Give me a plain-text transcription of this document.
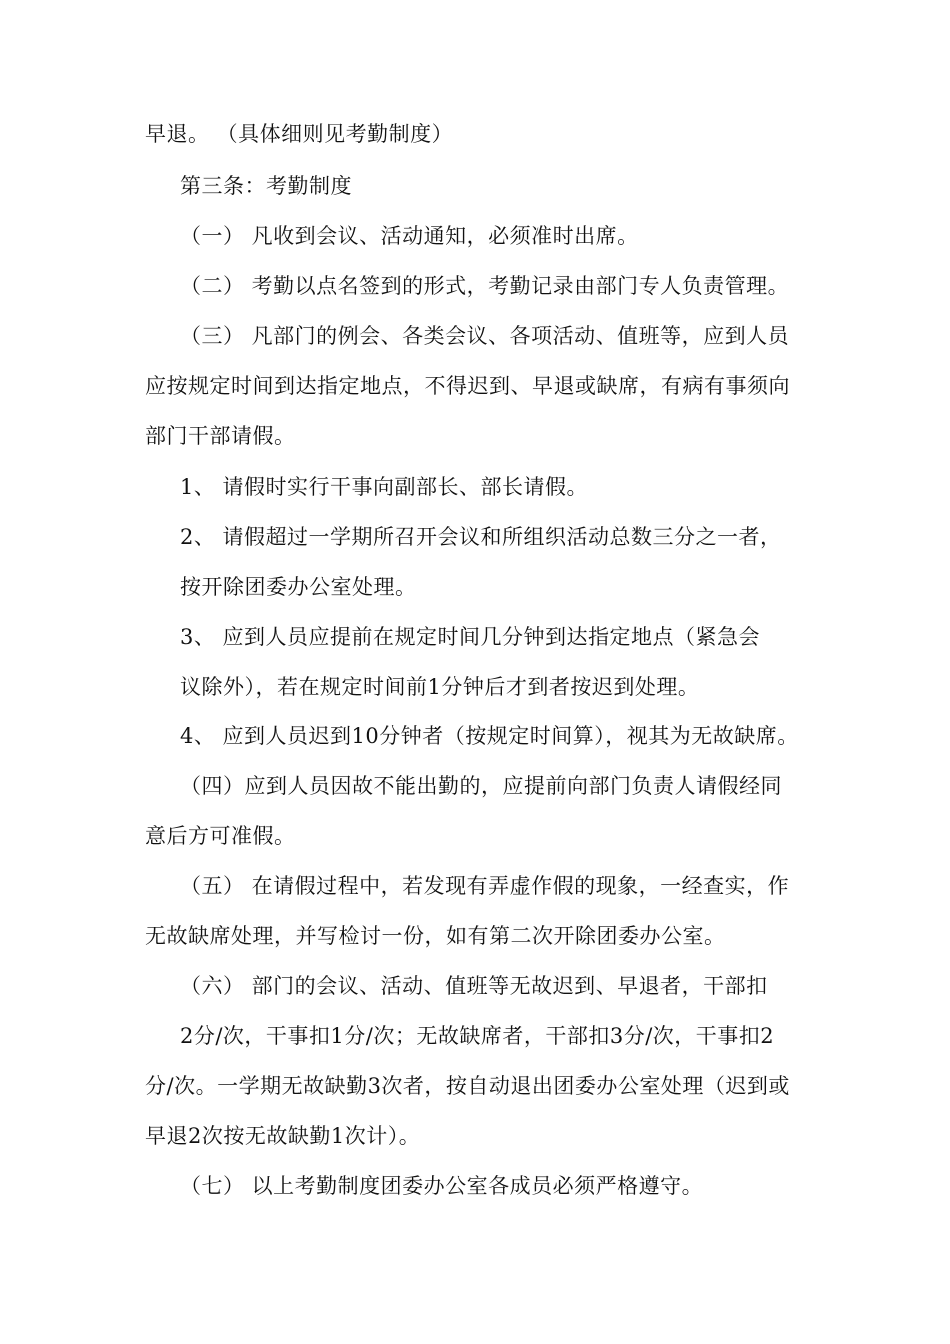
早退。 （具体细则见考勤制度）
第三条：考勤制度
（一） 凡收到会议、活动通知，必须准时出席。
（二） 考勤以点名签到的形式，考勤记录由部门专人负责管理。
（三） 凡部门的例会、各类会议、各项活动、值班等，应到人员
应按规定时间到达指定地点，不得迟到、早退或缺席，有病有事须向
部门干部请假。
1、 请假时实行干事向副部长、部长请假。
2、 请假超过一学期所召开会议和所组织活动总数三分之一者，
按开除团委办公室处理。
3、 应到人员应提前在规定时间几分钟到达指定地点（紧急会
议除外），若在规定时间前1分钟后才到者按迟到处理。
4、 应到人员迟到10分钟者（按规定时间算），视其为无故缺席。
（四）应到人员因故不能出勤的，应提前向部门负责人请假经同
意后方可准假。
（五） 在请假过程中，若发现有弄虚作假的现象，一经查实，作
无故缺席处理，并写检讨一份，如有第二次开除团委办公室。
（六） 部门的会议、活动、值班等无故迟到、早退者，干部扣
2分/次，干事扣1分/次；无故缺席者，干部扣3分/次，干事扣2
分/次。一学期无故缺勤3次者，按自动退出团委办公室处理（迟到或
早退2次按无故缺勤1次计）。
（七） 以上考勤制度团委办公室各成员必须严格遵守。
